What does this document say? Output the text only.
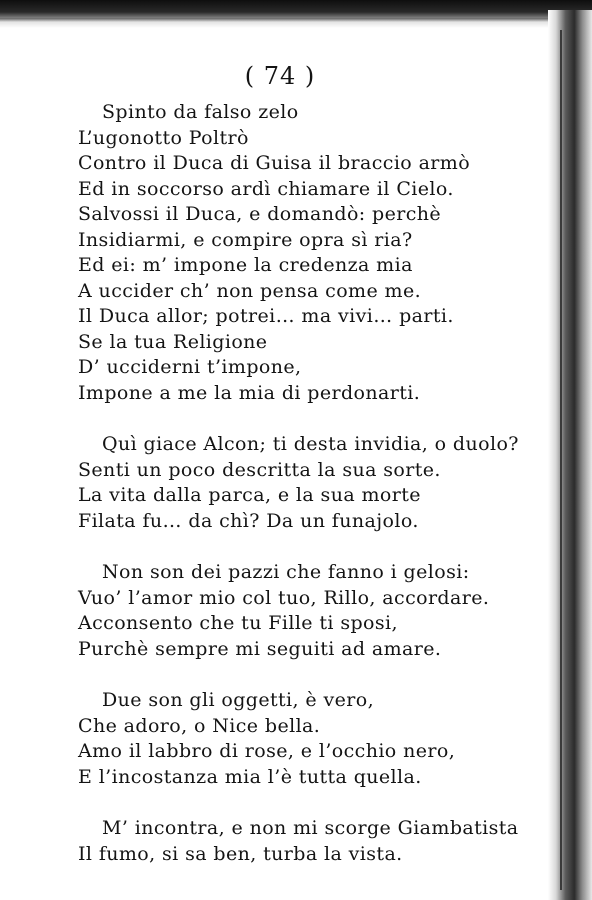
( 74 )
Spinto da falso zelo
L’ugonotto Poltrò
Contro il Duca di Guisa il braccio armò
Ed in soccorso ardì chiamare il Cielo.
Salvossi il Duca, e domandò: perchè
Insidiarmi, e compire opra sì ria?
Ed ei: m’ impone la credenza mia
A uccider ch’ non pensa come me.
Il Duca allor; potrei… ma vivi… parti.
Se la tua Religione
D’ ucciderni t’impone,
Impone a me la mia di perdonarti.
Quì giace Alcon; ti desta invidia, o duolo?
Senti un poco descritta la sua sorte.
La vita dalla parca, e la sua morte
Filata fu… da chì? Da un funajolo.
Non son dei pazzi che fanno i gelosi:
Vuo’ l’amor mio col tuo, Rillo, accordare.
Acconsento che tu Fille ti sposi,
Purchè sempre mi seguiti ad amare.
Due son gli oggetti, è vero,
Che adoro, o Nice bella.
Amo il labbro di rose, e l’occhio nero,
E l’incostanza mia l’è tutta quella.
M’ incontra, e non mi scorge Giambatista
Il fumo, si sa ben, turba la vista.
